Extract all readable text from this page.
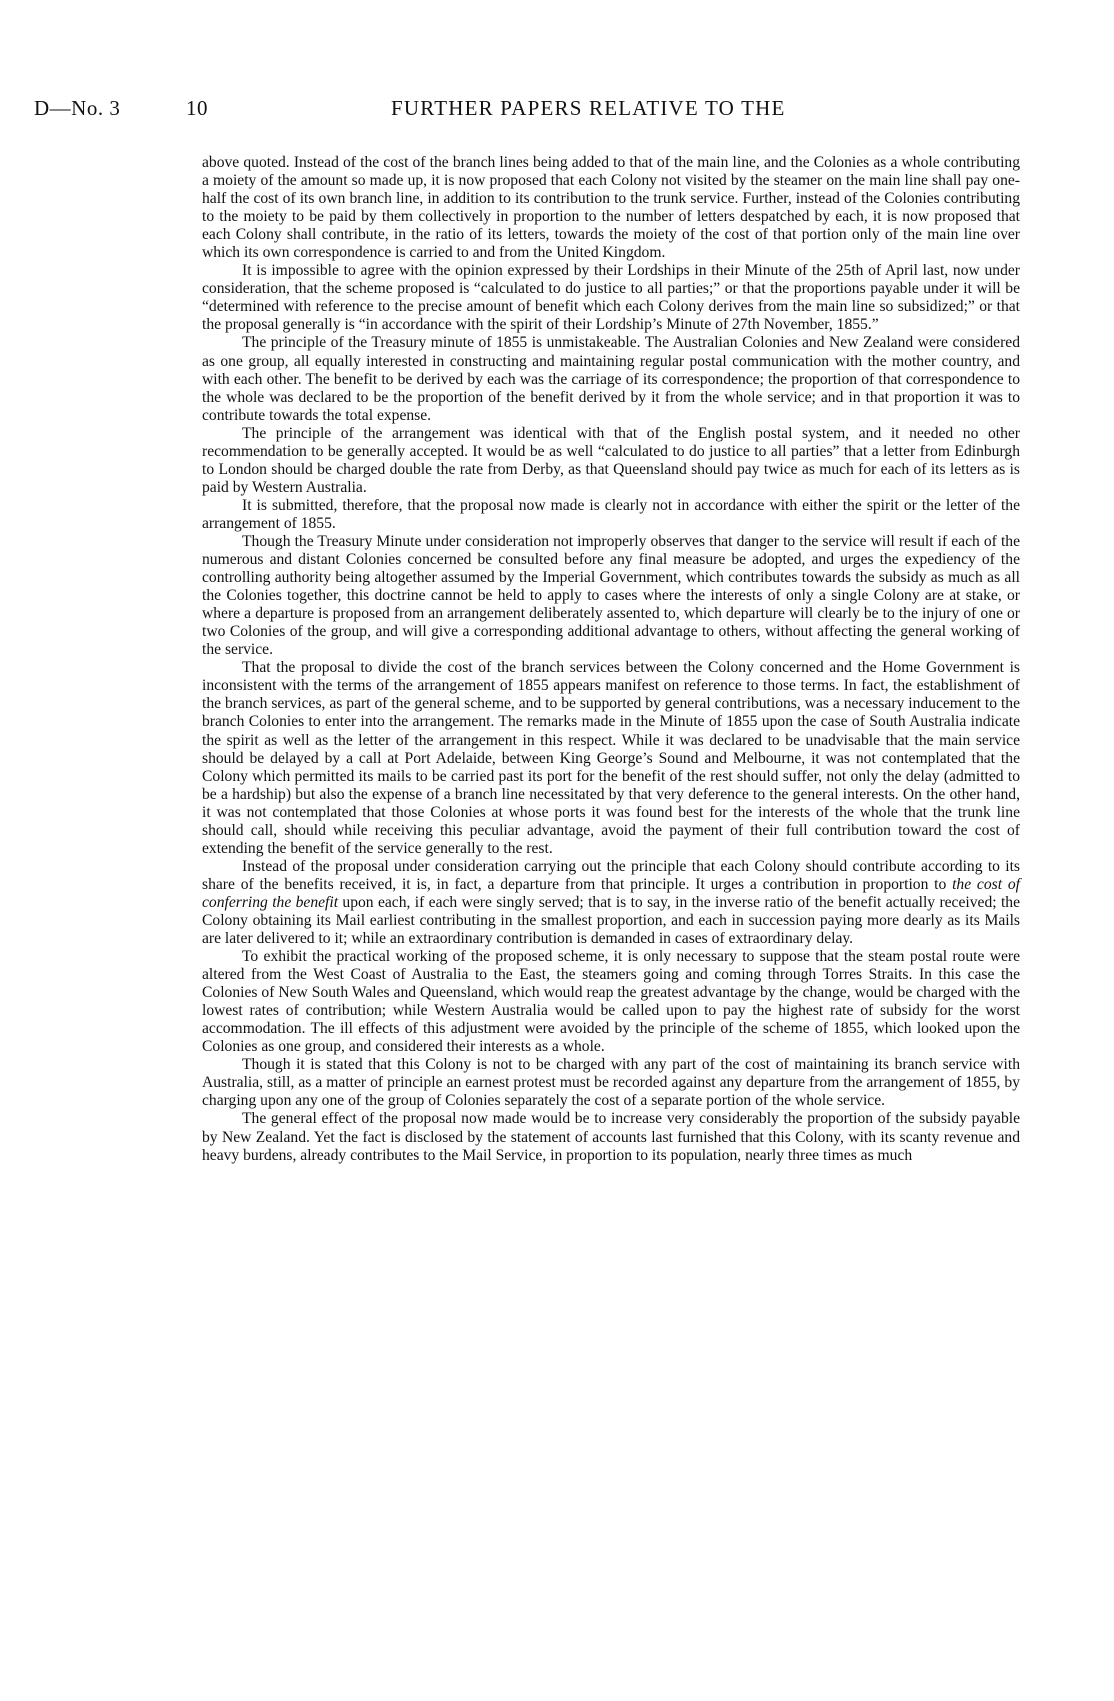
D—No. 3	10	FURTHER PAPERS RELATIVE TO THE

above quoted. Instead of the cost of the branch lines being added to that of the main line, and the Colonies as a whole contributing a moiety of the amount so made up, it is now proposed that each Colony not visited by the steamer on the main line shall pay one-half the cost of its own branch line, in addition to its contribution to the trunk service. Further, instead of the Colonies contributing to the moiety to be paid by them collectively in proportion to the number of letters despatched by each, it is now proposed that each Colony shall contribute, in the ratio of its letters, towards the moiety of the cost of that portion only of the main line over which its own correspondence is carried to and from the United Kingdom.

It is impossible to agree with the opinion expressed by their Lordships in their Minute of the 25th of April last, now under consideration, that the scheme proposed is “calculated to do justice to all parties;” or that the proportions payable under it will be “determined with reference to the precise amount of benefit which each Colony derives from the main line so subsidized;” or that the proposal generally is “in accordance with the spirit of their Lordship’s Minute of 27th November, 1855.”

The principle of the Treasury minute of 1855 is unmistakeable. The Australian Colonies and New Zealand were considered as one group, all equally interested in constructing and maintaining regular postal communication with the mother country, and with each other. The benefit to be derived by each was the carriage of its correspondence; the proportion of that correspondence to the whole was declared to be the proportion of the benefit derived by it from the whole service; and in that proportion it was to contribute towards the total expense.

The principle of the arrangement was identical with that of the English postal system, and it needed no other recommendation to be generally accepted. It would be as well “calculated to do justice to all parties” that a letter from Edinburgh to London should be charged double the rate from Derby, as that Queensland should pay twice as much for each of its letters as is paid by Western Australia.

It is submitted, therefore, that the proposal now made is clearly not in accordance with either the spirit or the letter of the arrangement of 1855.

Though the Treasury Minute under consideration not improperly observes that danger to the service will result if each of the numerous and distant Colonies concerned be consulted before any final measure be adopted, and urges the expediency of the controlling authority being altogether assumed by the Imperial Government, which contributes towards the subsidy as much as all the Colonies together, this doctrine cannot be held to apply to cases where the interests of only a single Colony are at stake, or where a departure is proposed from an arrangement deliberately assented to, which departure will clearly be to the injury of one or two Colonies of the group, and will give a corresponding additional advantage to others, without affecting the general working of the service.

That the proposal to divide the cost of the branch services between the Colony concerned and the Home Government is inconsistent with the terms of the arrangement of 1855 appears manifest on reference to those terms. In fact, the establishment of the branch services, as part of the general scheme, and to be supported by general contributions, was a necessary inducement to the branch Colonies to enter into the arrangement. The remarks made in the Minute of 1855 upon the case of South Australia indicate the spirit as well as the letter of the arrangement in this respect. While it was declared to be unadvisable that the main service should be delayed by a call at Port Adelaide, between King George’s Sound and Melbourne, it was not contemplated that the Colony which permitted its mails to be carried past its port for the benefit of the rest should suffer, not only the delay (admitted to be a hardship) but also the expense of a branch line necessitated by that very deference to the general interests. On the other hand, it was not contemplated that those Colonies at whose ports it was found best for the interests of the whole that the trunk line should call, should while receiving this peculiar advantage, avoid the payment of their full contribution toward the cost of extending the benefit of the service generally to the rest.

Instead of the proposal under consideration carrying out the principle that each Colony should contribute according to its share of the benefits received, it is, in fact, a departure from that principle. It urges a contribution in proportion to the cost of conferring the benefit upon each, if each were singly served; that is to say, in the inverse ratio of the benefit actually received; the Colony obtaining its Mail earliest contributing in the smallest proportion, and each in succession paying more dearly as its Mails are later delivered to it; while an extraordinary contribution is demanded in cases of extraordinary delay.

To exhibit the practical working of the proposed scheme, it is only necessary to suppose that the steam postal route were altered from the West Coast of Australia to the East, the steamers going and coming through Torres Straits. In this case the Colonies of New South Wales and Queensland, which would reap the greatest advantage by the change, would be charged with the lowest rates of contribution; while Western Australia would be called upon to pay the highest rate of subsidy for the worst accommodation. The ill effects of this adjustment were avoided by the principle of the scheme of 1855, which looked upon the Colonies as one group, and considered their interests as a whole.

Though it is stated that this Colony is not to be charged with any part of the cost of maintaining its branch service with Australia, still, as a matter of principle an earnest protest must be recorded against any departure from the arrangement of 1855, by charging upon any one of the group of Colonies separately the cost of a separate portion of the whole service.

The general effect of the proposal now made would be to increase very considerably the proportion of the subsidy payable by New Zealand. Yet the fact is disclosed by the statement of accounts last furnished that this Colony, with its scanty revenue and heavy burdens, already contributes to the Mail Service, in proportion to its population, nearly three times as much
